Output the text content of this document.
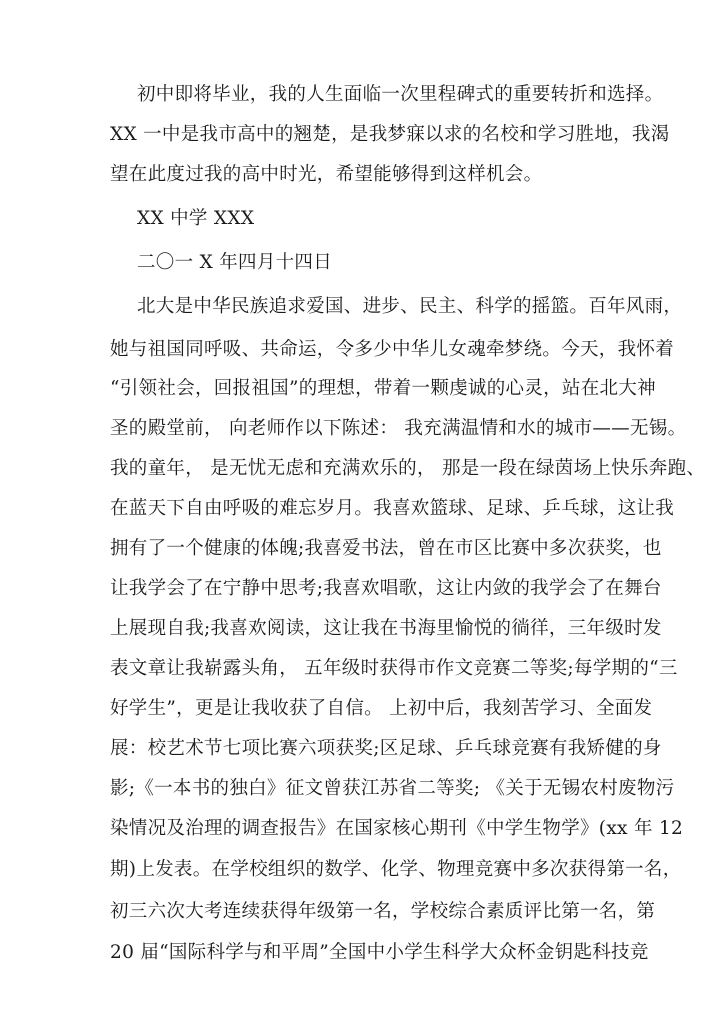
初中即将毕业，我的人生面临一次里程碑式的重要转折和选择。
XX 一中是我市高中的翘楚，是我梦寐以求的名校和学习胜地，我渴
望在此度过我的高中时光，希望能够得到这样机会。
XX 中学 XXX
二〇一 X 年四月十四日
北大是中华民族追求爱国、进步、民主、科学的摇篮。百年风雨，
她与祖国同呼吸、共命运，令多少中华儿女魂牵梦绕。今天，我怀着
“引领社会，回报祖国”的理想，带着一颗虔诚的心灵，站在北大神
圣的殿堂前， 向老师作以下陈述： 我充满温情和水的城市——无锡。
我的童年， 是无忧无虑和充满欢乐的， 那是一段在绿茵场上快乐奔跑、
在蓝天下自由呼吸的难忘岁月。我喜欢篮球、足球、乒乓球，这让我
拥有了一个健康的体魄;我喜爱书法，曾在市区比赛中多次获奖，也
让我学会了在宁静中思考;我喜欢唱歌，这让内敛的我学会了在舞台
上展现自我;我喜欢阅读，这让我在书海里愉悦的徜徉，三年级时发
表文章让我崭露头角， 五年级时获得市作文竞赛二等奖;每学期的“三
好学生”，更是让我收获了自信。 上初中后，我刻苦学习、全面发
展：校艺术节七项比赛六项获奖;区足球、乒乓球竞赛有我矫健的身
影;《一本书的独白》征文曾获江苏省二等奖; 《关于无锡农村废物污
染情况及治理的调查报告》在国家核心期刊《中学生物学》(xx 年 12
期)上发表。在学校组织的数学、化学、物理竞赛中多次获得第一名，
初三六次大考连续获得年级第一名，学校综合素质评比第一名，第
20 届“国际科学与和平周”全国中小学生科学大众杯金钥匙科技竞
